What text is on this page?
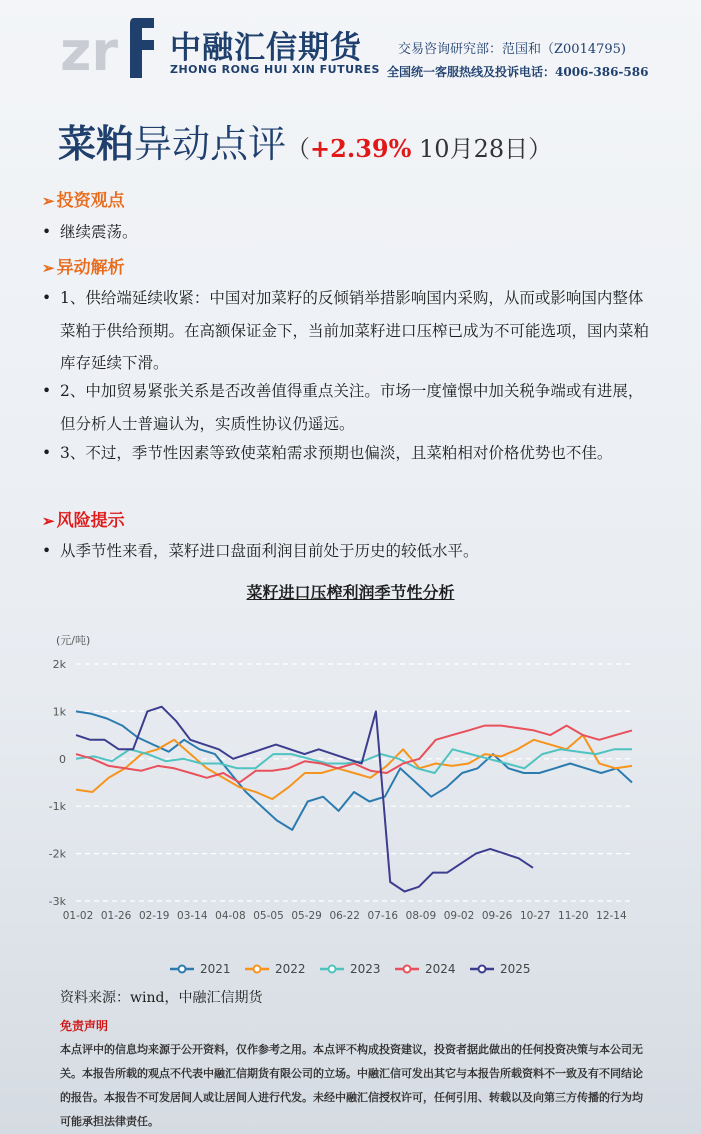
zr 中融汇信期货
ZHONG RONG HUI XIN FUTURES
交易咨询研究部：范国和（Z0014795)
全国统一客服热线及投诉电话：4006-386-586
菜粕异动点评（+2.39% 10月28日）
➢ 投资观点
• 继续震荡。
➢ 异动解析
• 1、供给端延续收紧：中国对加菜籽的反倾销举措影响国内采购，从而或影响国内整体菜粕于供给预期。在高额保证金下，当前加菜籽进口压榨已成为不可能选项，国内菜粕库存延续下滑。
• 2、中加贸易紧张关系是否改善值得重点关注。市场一度憧憬中加关税争端或有进展，但分析人士普遍认为，实质性协议仍遥远。
• 3、不过，季节性因素等致使菜粕需求预期也偏淡，且菜粕相对价格优势也不佳。
➢ 风险提示
• 从季节性来看，菜籽进口盘面利润目前处于历史的较低水平。
菜籽进口压榨利润季节性分析
(元/吨)
2k
1k
0
-1k
-2k
-3k
01-02 01-26 02-19 03-14 04-08 05-05 05-29 06-22 07-16 08-09 09-02 09-26 10-27 11-20 12-14
2021	2022	2023	2024	2025
资料来源：wind，中融汇信期货
免责声明
本点评中的信息均来源于公开资料，仅作参考之用。本点评不构成投资建议，投资者据此做出的任何投资决策与本公司无关。本报告所载的观点不代表中融汇信期货有限公司的立场。中融汇信可发出其它与本报告所载资料不一致及有不同结论的报告。本报告不可发居间人或让居间人进行代发。未经中融汇信授权许可，任何引用、转载以及向第三方传播的行为均可能承担法律责任。
